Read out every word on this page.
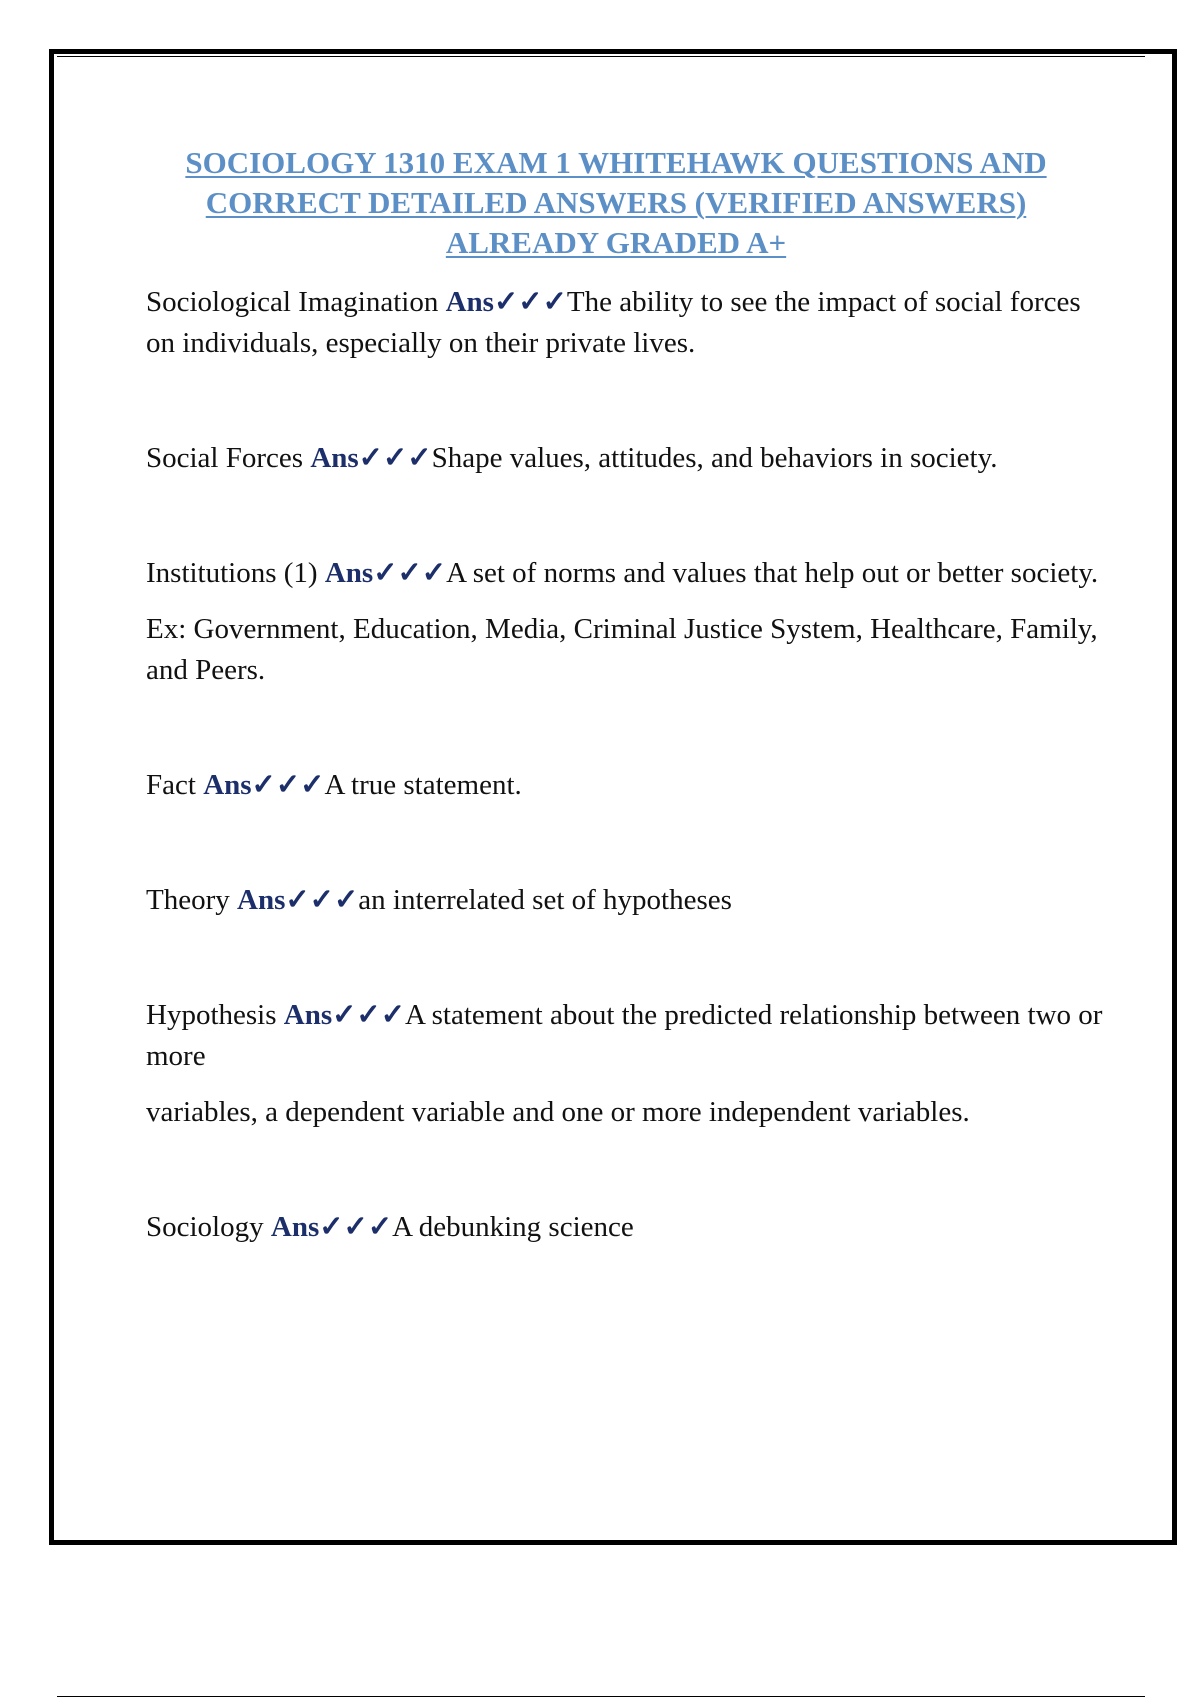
SOCIOLOGY 1310 EXAM 1 WHITEHAWK QUESTIONS AND
CORRECT DETAILED ANSWERS (VERIFIED ANSWERS)
ALREADY GRADED A+

Sociological Imagination Ans✓✓✓The ability to see the impact of social forces on individuals, especially on their private lives.

Social Forces Ans✓✓✓Shape values, attitudes, and behaviors in society.

Institutions (1) Ans✓✓✓A set of norms and values that help out or better society.

Ex: Government, Education, Media, Criminal Justice System, Healthcare, Family, and Peers.

Fact Ans✓✓✓A true statement.

Theory Ans✓✓✓an interrelated set of hypotheses

Hypothesis Ans✓✓✓A statement about the predicted relationship between two or more

variables, a dependent variable and one or more independent variables.

Sociology Ans✓✓✓A debunking science
